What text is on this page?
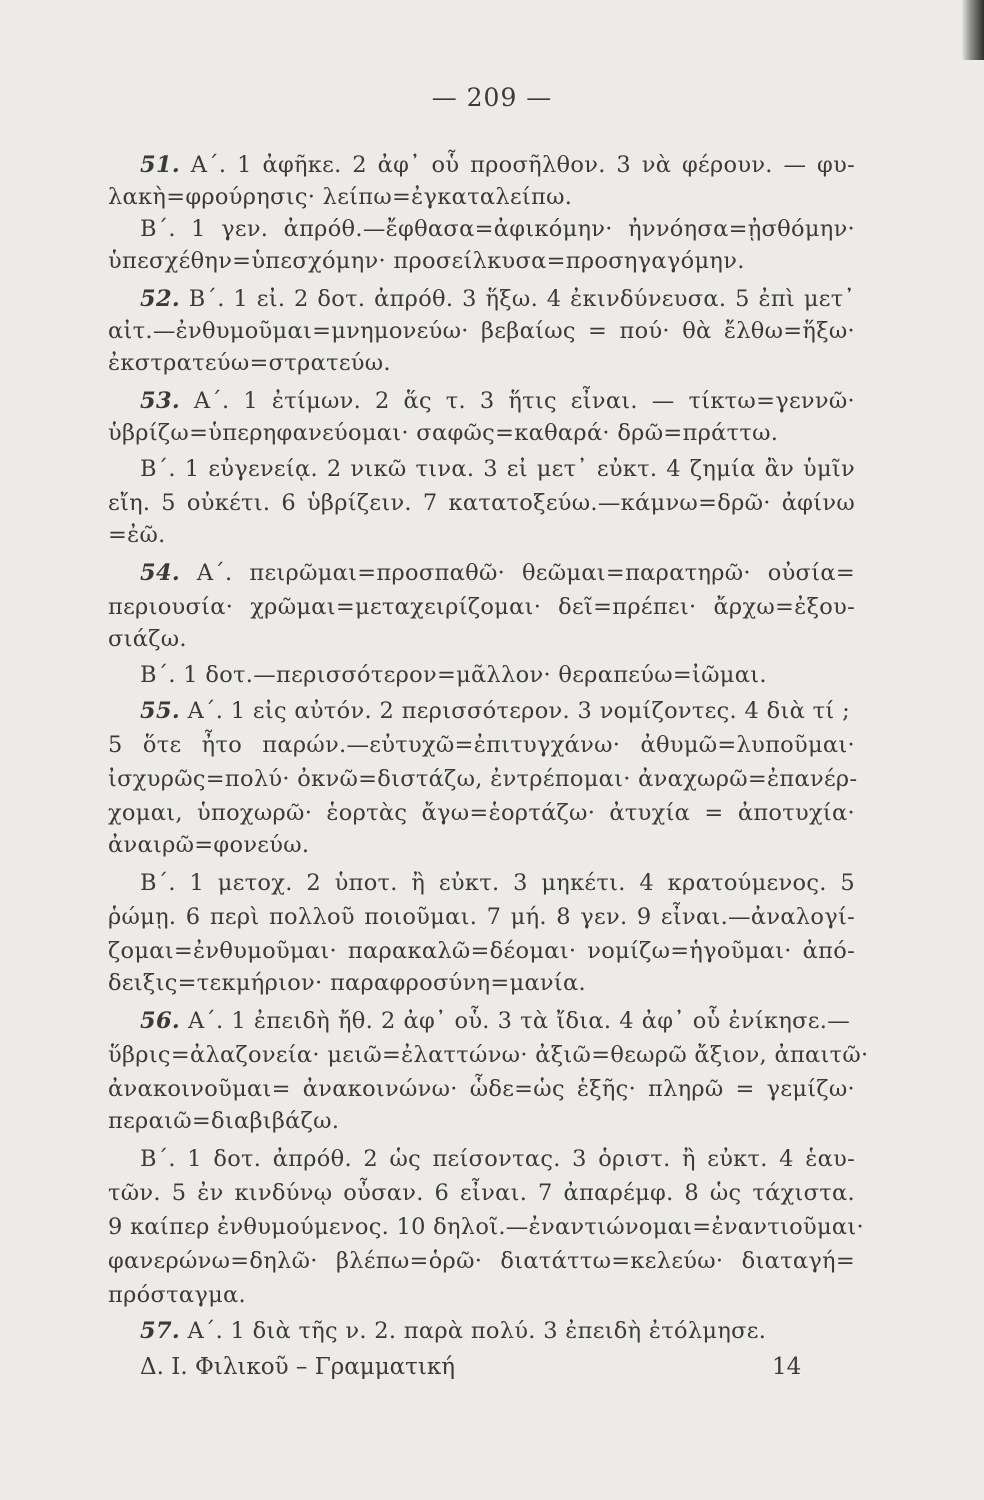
— 209 —
51. Α΄. 1 ἀφῆκε. 2 ἀφ᾿ οὗ προσῆλθον. 3 νὰ φέρουν. — φυ-
λακὴ=φρούρησις· λείπω=ἐγκαταλείπω.
Β΄. 1 γεν. ἀπρόθ.—ἔφθασα=ἀφικόμην· ἠννόησα=ᾐσθόμην·
ὑπεσχέθην=ὑπεσχόμην· προσείλκυσα=προσηγαγόμην.
52. Β΄. 1 εἰ. 2 δοτ. ἀπρόθ. 3 ἥξω. 4 ἐκινδύνευσα. 5 ἐπὶ μετ᾿
αἰτ.—ἐνθυμοῦμαι=μνημονεύω· βεβαίως = πού· θὰ ἔλθω=ἥξω·
ἐκστρατεύω=στρατεύω.
53. Α΄. 1 ἐτίμων. 2 ἅς τ. 3 ἥτις εἶναι. — τίκτω=γεννῶ·
ὑβρίζω=ὑπερηφανεύομαι· σαφῶς=καθαρά· δρῶ=πράττω.
Β΄. 1 εὐγενείᾳ. 2 νικῶ τινα. 3 εἰ μετ᾿ εὐκτ. 4 ζημία ἂν ὑμῖν
εἴη. 5 οὐκέτι. 6 ὑβρίζειν. 7 κατατοξεύω.—κάμνω=δρῶ· ἀφίνω
=ἐῶ.
54. Α΄. πειρῶμαι=προσπαθῶ· θεῶμαι=παρατηρῶ· οὐσία=
περιουσία· χρῶμαι=μεταχειρίζομαι· δεῖ=πρέπει· ἄρχω=ἐξου-
σιάζω.
Β΄. 1 δοτ.—περισσότερον=μᾶλλον· θεραπεύω=ἰῶμαι.
55. Α΄. 1 εἰς αὐτόν. 2 περισσότερον. 3 νομίζοντες. 4 διὰ τί ;
5 ὅτε ἦτο παρών.—εὐτυχῶ=ἐπιτυγχάνω· ἀθυμῶ=λυποῦμαι·
ἰσχυρῶς=πολύ· ὀκνῶ=διστάζω, ἐντρέπομαι· ἀναχωρῶ=ἐπανέρ-
χομαι, ὑποχωρῶ· ἑορτὰς ἄγω=ἑορτάζω· ἀτυχία = ἀποτυχία·
ἀναιρῶ=φονεύω.
Β΄. 1 μετοχ. 2 ὑποτ. ἢ εὐκτ. 3 μηκέτι. 4 κρατούμενος. 5
ῥώμῃ. 6 περὶ πολλοῦ ποιοῦμαι. 7 μή. 8 γεν. 9 εἶναι.—ἀναλογί-
ζομαι=ἐνθυμοῦμαι· παρακαλῶ=δέομαι· νομίζω=ἡγοῦμαι· ἀπό-
δειξις=τεκμήριον· παραφροσύνη=μανία.
56. Α΄. 1 ἐπειδὴ ἤθ. 2 ἀφ᾿ οὗ. 3 τὰ ἴδια. 4 ἀφ᾿ οὗ ἐνίκησε.—
ὕβρις=ἀλαζονεία· μειῶ=ἐλαττώνω· ἀξιῶ=θεωρῶ ἄξιον, ἀπαιτῶ·
ἀνακοινοῦμαι= ἀνακοινώνω· ὧδε=ὡς ἑξῆς· πληρῶ = γεμίζω·
περαιῶ=διαβιβάζω.
Β΄. 1 δοτ. ἀπρόθ. 2 ὡς πείσοντας. 3 ὁριστ. ἢ εὐκτ. 4 ἑαυ-
τῶν. 5 ἐν κινδύνῳ οὖσαν. 6 εἶναι. 7 ἀπαρέμφ. 8 ὡς τάχιστα.
9 καίπερ ἐνθυμούμενος. 10 δηλοῖ.—ἐναντιώνομαι=ἐναντιοῦμαι·
φανερώνω=δηλῶ· βλέπω=ὁρῶ· διατάττω=κελεύω· διαταγή=
πρόσταγμα.
57. Α΄. 1 διὰ τῆς ν. 2. παρὰ πολύ. 3 ἐπειδὴ ἐτόλμησε.
Δ. Ι. Φιλικοῦ – Γραμματική	14
